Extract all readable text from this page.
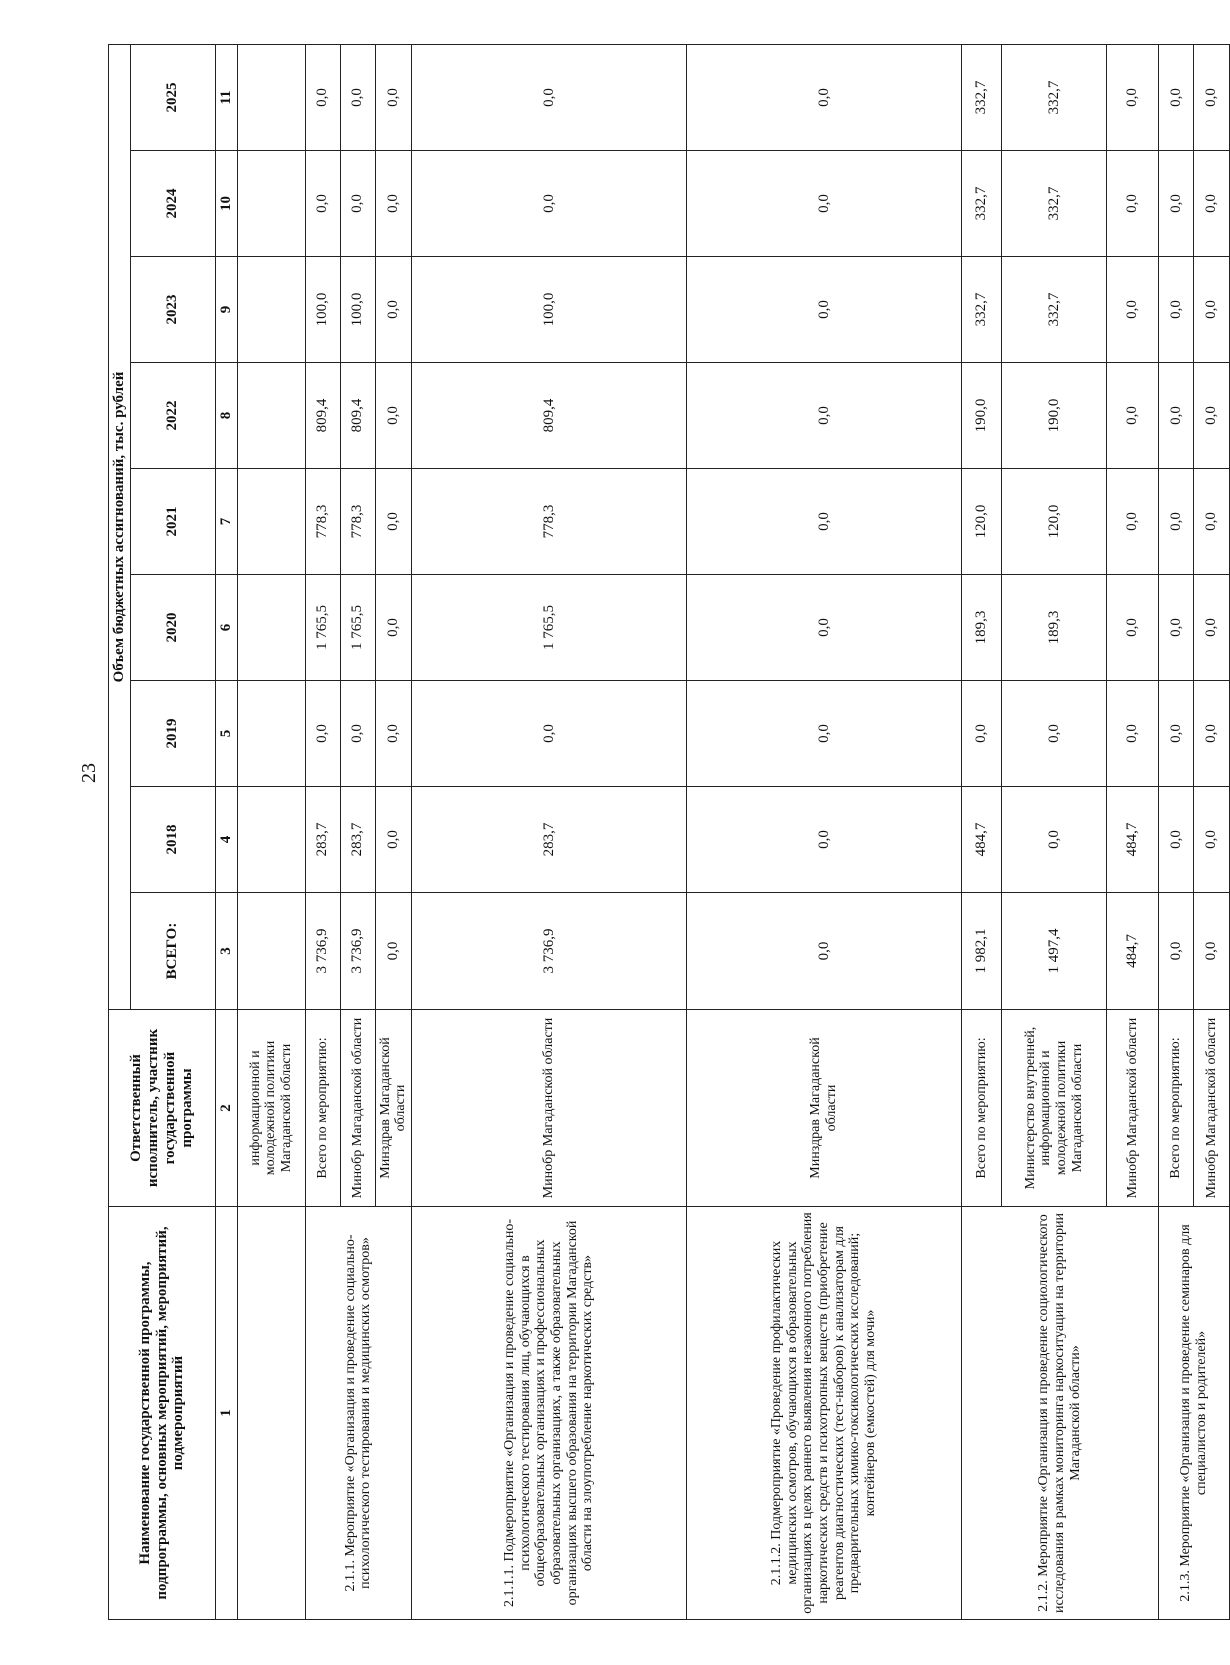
23
Наименование государственной программы, подпрограммы, основных мероприятий, мероприятий, подмероприятий	Ответственный исполнитель, участник государственной программы	Объем бюджетных ассигнований, тыс. рублей								
		ВСЕГО:	2018	2019	2020	2021	2022	2023	2024	2025
1	2	3	4	5	6	7	8	9	10	11
	информационной и молодежной политики Магаданской области									
2.1.1. Мероприятие «Организация и проведение социально-психологического тестирования и медицинских осмотров»	Всего по мероприятию:	3 736,9	283,7	0,0	1 765,5	778,3	809,4	100,0	0,0	0,0
	Минобр Магаданской области	3 736,9	283,7	0,0	1 765,5	778,3	809,4	100,0	0,0	0,0
	Минздрав Магаданской области	0,0	0,0	0,0	0,0	0,0	0,0	0,0	0,0	0,0
2.1.1.1. Подмероприятие «Организация и проведение социально-психологического тестирования лиц, обучающихся в общеобразовательных организациях и профессиональных образовательных организациях, а также образовательных организациях высшего образования на территории Магаданской области на злоупотребление наркотических средств»	Минобр Магаданской области	3 736,9	283,7	0,0	1 765,5	778,3	809,4	100,0	0,0	0,0
2.1.1.2. Подмероприятие «Проведение профилактических медицинских осмотров, обучающихся в образовательных организациях в целях раннего выявления незаконного потребления наркотических средств и психотропных веществ (приобретение реагентов диагностических (тест-наборов) к анализаторам для предварительных химико-токсикологических исследований; контейнеров (емкостей) для мочи»	Минздрав Магаданской области	0,0	0,0	0,0	0,0	0,0	0,0	0,0	0,0	0,0
2.1.2. Мероприятие «Организация и проведение социологического исследования в рамках мониторинга наркоситуации на территории Магаданской области»	Всего по мероприятию:	1 982,1	484,7	0,0	189,3	120,0	190,0	332,7	332,7	332,7
	Министерство внутренней, информационной и молодежной политики Магаданской области	1 497,4	0,0	0,0	189,3	120,0	190,0	332,7	332,7	332,7
	Минобр Магаданской области	484,7	484,7	0,0	0,0	0,0	0,0	0,0	0,0	0,0
2.1.3. Мероприятие «Организация и проведение семинаров для специалистов и родителей»	Всего по мероприятию:	0,0	0,0	0,0	0,0	0,0	0,0	0,0	0,0	0,0
	Минобр Магаданской области	0,0	0,0	0,0	0,0	0,0	0,0	0,0	0,0	0,0
